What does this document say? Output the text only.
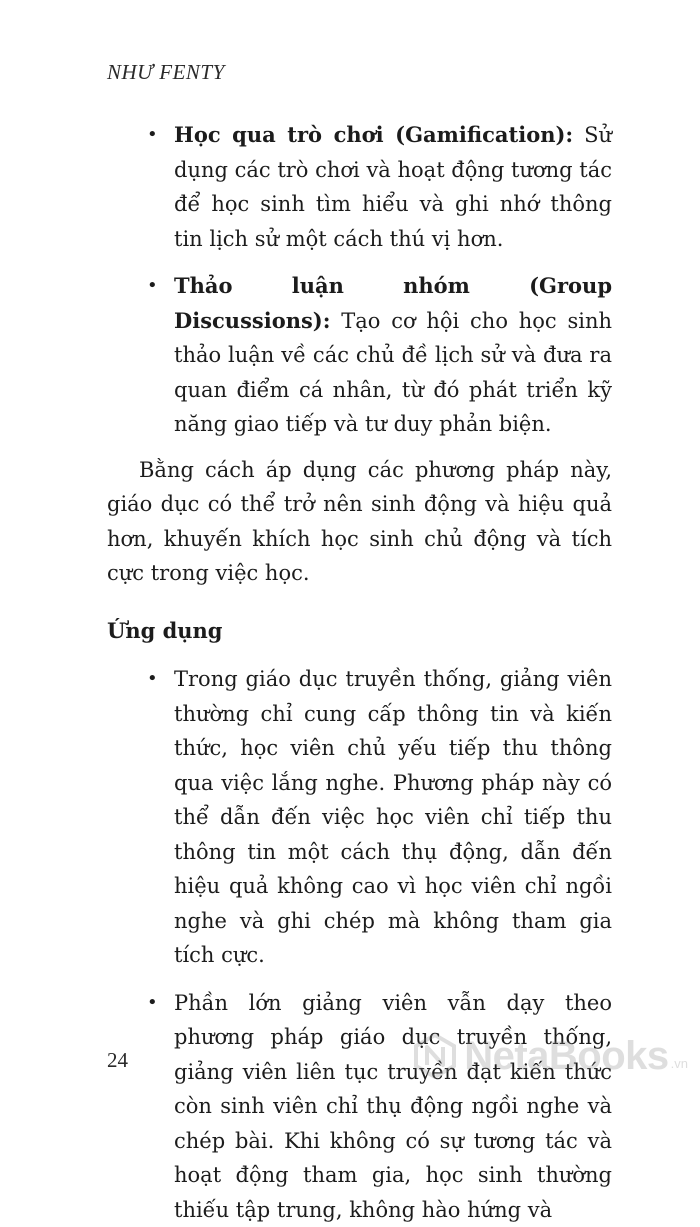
NHƯ FENTY
• Học qua trò chơi (Gamification): Sử dụng các trò chơi và hoạt động tương tác để học sinh tìm hiểu và ghi nhớ thông tin lịch sử một cách thú vị hơn.
• Thảo luận nhóm (Group Discussions): Tạo cơ hội cho học sinh thảo luận về các chủ đề lịch sử và đưa ra quan điểm cá nhân, từ đó phát triển kỹ năng giao tiếp và tư duy phản biện.

Bằng cách áp dụng các phương pháp này, giáo dục có thể trở nên sinh động và hiệu quả hơn, khuyến khích học sinh chủ động và tích cực trong việc học.

Ứng dụng
• Trong giáo dục truyền thống, giảng viên thường chỉ cung cấp thông tin và kiến thức, học viên chủ yếu tiếp thu thông qua việc lắng nghe. Phương pháp này có thể dẫn đến việc học viên chỉ tiếp thu thông tin một cách thụ động, dẫn đến hiệu quả không cao vì học viên chỉ ngồi nghe và ghi chép mà không tham gia tích cực.
• Phần lớn giảng viên vẫn dạy theo phương pháp giáo dục truyền thống, giảng viên liên tục truyền đạt kiến thức còn sinh viên chỉ thụ động ngồi nghe và chép bài. Khi không có sự tương tác và hoạt động tham gia, học sinh thường thiếu tập trung, không hào hứng và
24	NetaBooks .vn
